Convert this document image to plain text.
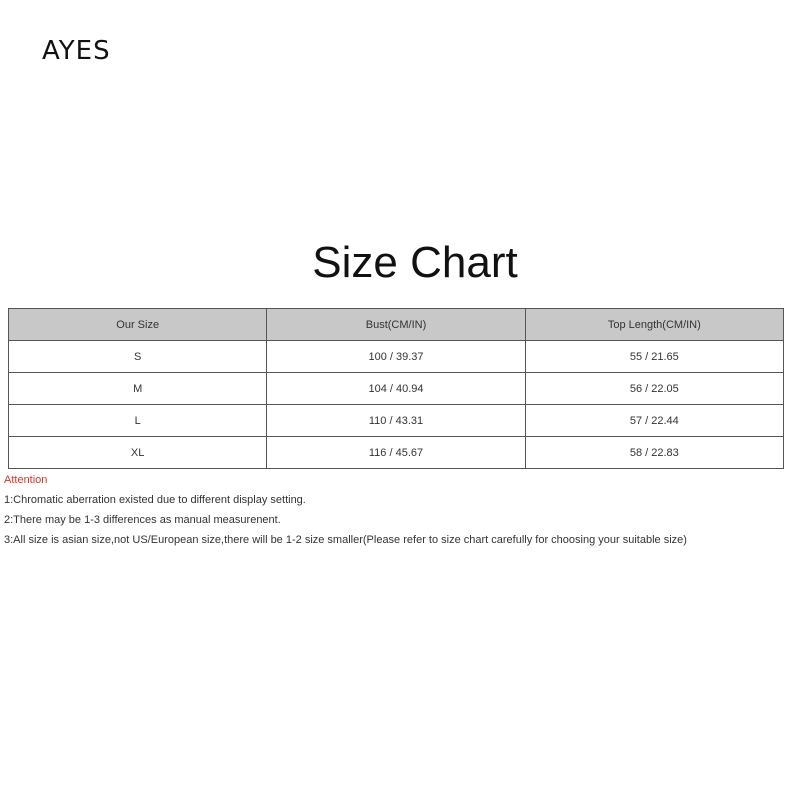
AYES
Size Chart
Our Size	Bust(CM/IN)	Top Length(CM/IN)
S	100 / 39.37	55 / 21.65
M	104 / 40.94	56 / 22.05
L	110 / 43.31	57 / 22.44
XL	116 / 45.67	58 / 22.83
Attention
1:Chromatic aberration existed due to different display setting.
2:There may be 1-3 differences as manual measurenent.
3:All size is asian size,not US/European size,there will be 1-2 size smaller(Please refer to size chart carefully for choosing your suitable size)
